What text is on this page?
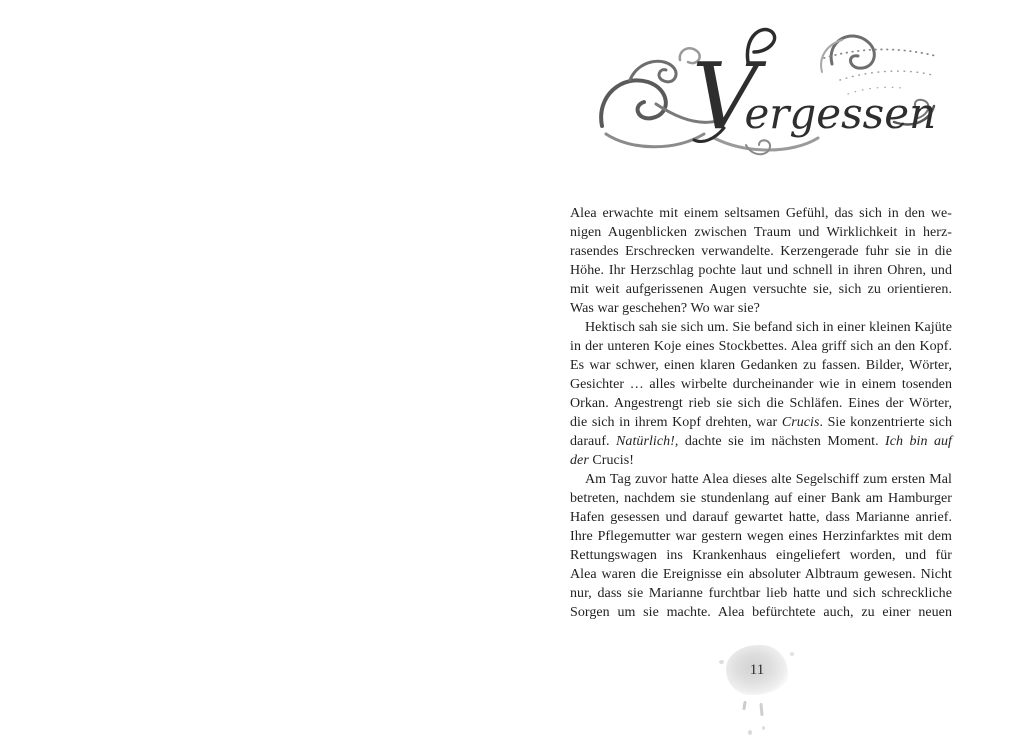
Vergessen
Alea erwachte mit einem seltsamen Gefühl, das sich in den we-
nigen Augenblicken zwischen Traum und Wirklichkeit in herz-
rasendes Erschrecken verwandelte. Kerzengerade fuhr sie in die
Höhe. Ihr Herzschlag pochte laut und schnell in ihren Ohren, und
mit weit aufgerissenen Augen versuchte sie, sich zu orientieren.
Was war geschehen? Wo war sie?
Hektisch sah sie sich um. Sie befand sich in einer kleinen Kajüte
in der unteren Koje eines Stockbettes. Alea griff sich an den Kopf.
Es war schwer, einen klaren Gedanken zu fassen. Bilder, Wörter,
Gesichter … alles wirbelte durcheinander wie in einem tosenden
Orkan. Angestrengt rieb sie sich die Schläfen. Eines der Wörter,
die sich in ihrem Kopf drehten, war Crucis. Sie konzentrierte sich
darauf. Natürlich!, dachte sie im nächsten Moment. Ich bin auf
der Crucis!
Am Tag zuvor hatte Alea dieses alte Segelschiff zum ersten Mal
betreten, nachdem sie stundenlang auf einer Bank am Hamburger
Hafen gesessen und darauf gewartet hatte, dass Marianne anrief.
Ihre Pflegemutter war gestern wegen eines Herzinfarktes mit dem
Rettungswagen ins Krankenhaus eingeliefert worden, und für
Alea waren die Ereignisse ein absoluter Albtraum gewesen. Nicht
nur, dass sie Marianne furchtbar lieb hatte und sich schreckliche
Sorgen um sie machte. Alea befürchtete auch, zu einer neuen
11
